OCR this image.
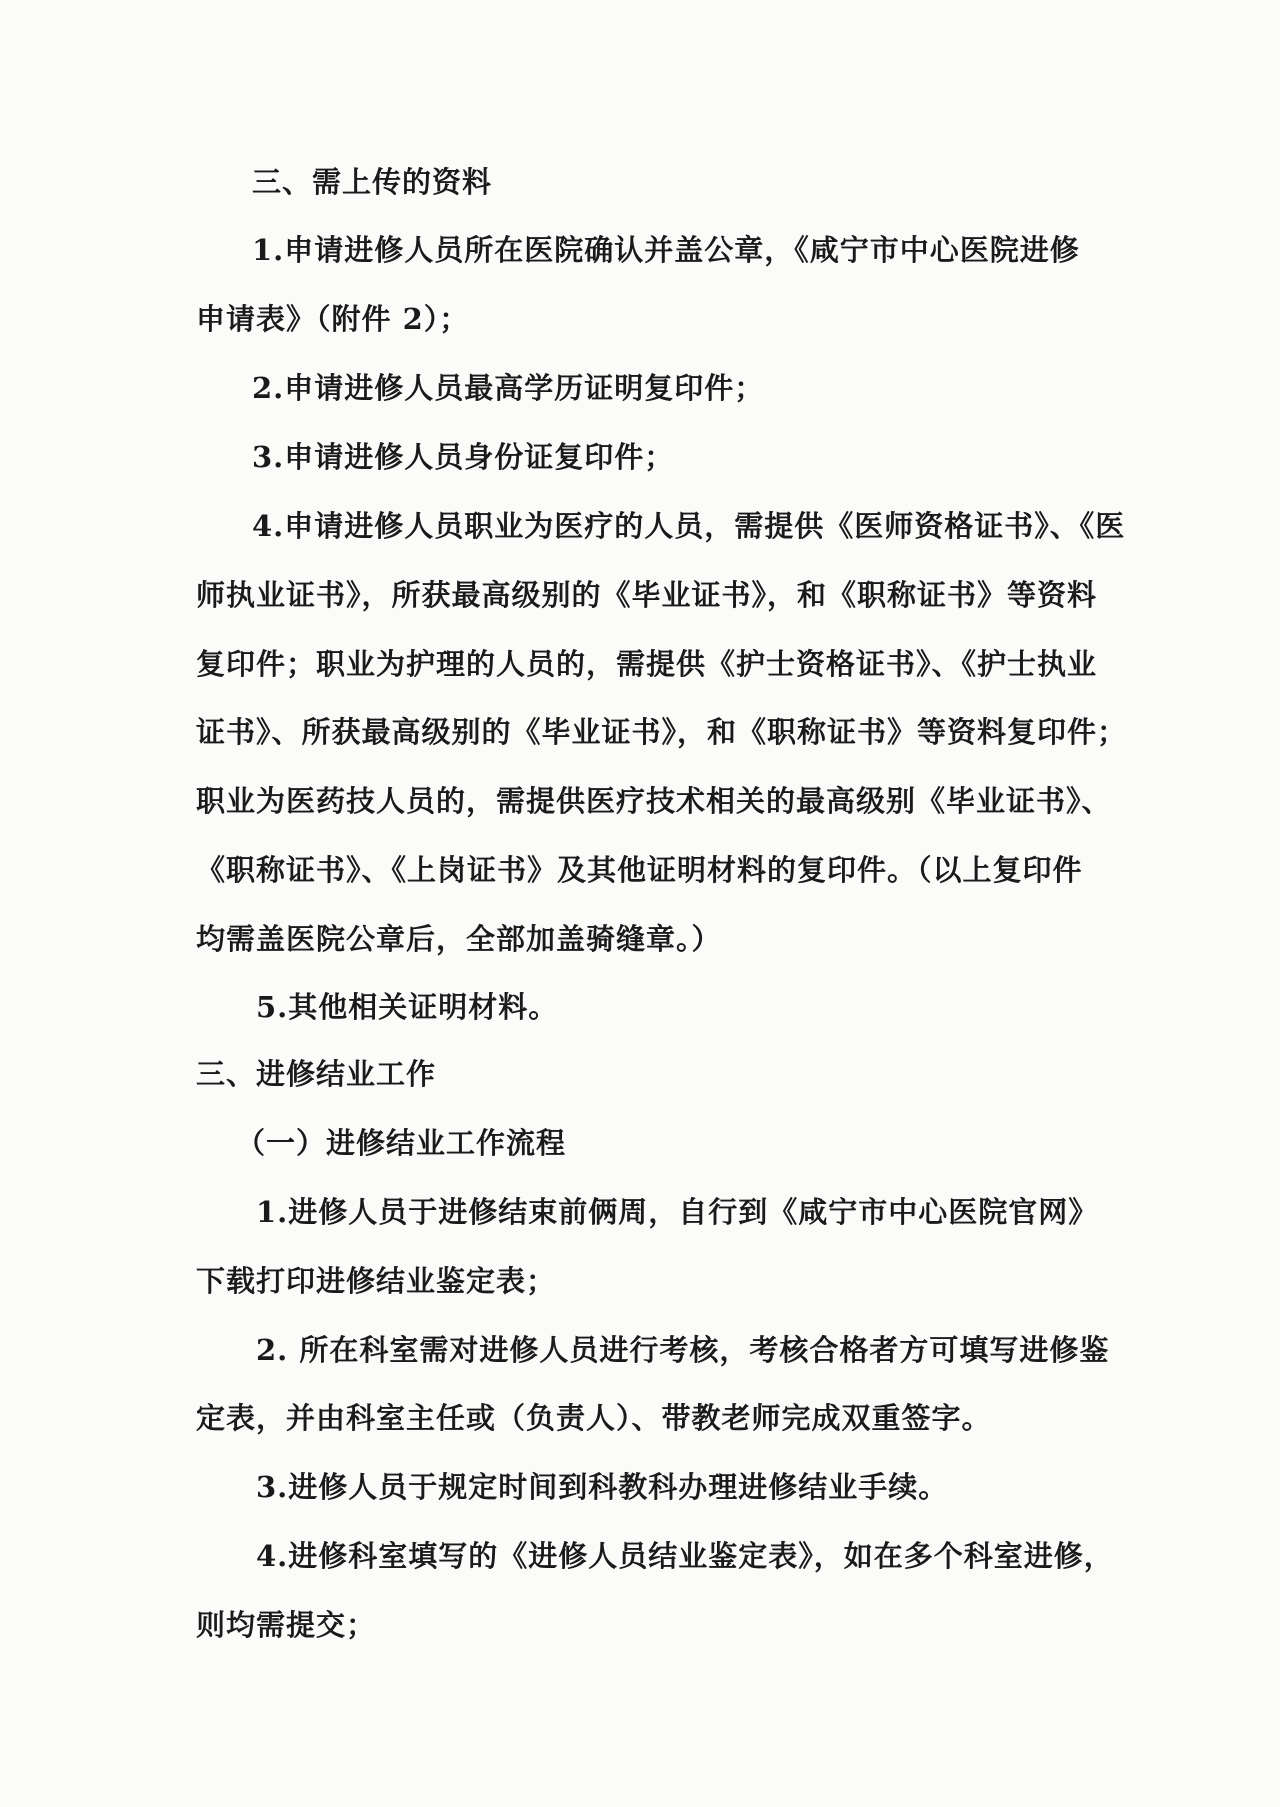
三、需上传的资料
1.申请进修人员所在医院确认并盖公章，《咸宁市中心医院进修
申请表》（附件 2）；
2.申请进修人员最高学历证明复印件；
3.申请进修人员身份证复印件；
4.申请进修人员职业为医疗的人员，需提供《医师资格证书》、《医
师执业证书》，所获最高级别的《毕业证书》，和《职称证书》等资料
复印件；职业为护理的人员的，需提供《护士资格证书》、《护士执业
证书》、所获最高级别的《毕业证书》，和《职称证书》等资料复印件；
职业为医药技人员的，需提供医疗技术相关的最高级别《毕业证书》、
《职称证书》、《上岗证书》及其他证明材料的复印件。（以上复印件
均需盖医院公章后，全部加盖骑缝章。）
5.其他相关证明材料。
三、进修结业工作
（一）进修结业工作流程
1.进修人员于进修结束前俩周，自行到《咸宁市中心医院官网》
下载打印进修结业鉴定表；
2. 所在科室需对进修人员进行考核，考核合格者方可填写进修鉴
定表，并由科室主任或（负责人）、带教老师完成双重签字。
3.进修人员于规定时间到科教科办理进修结业手续。
4.进修科室填写的《进修人员结业鉴定表》，如在多个科室进修，
则均需提交；
